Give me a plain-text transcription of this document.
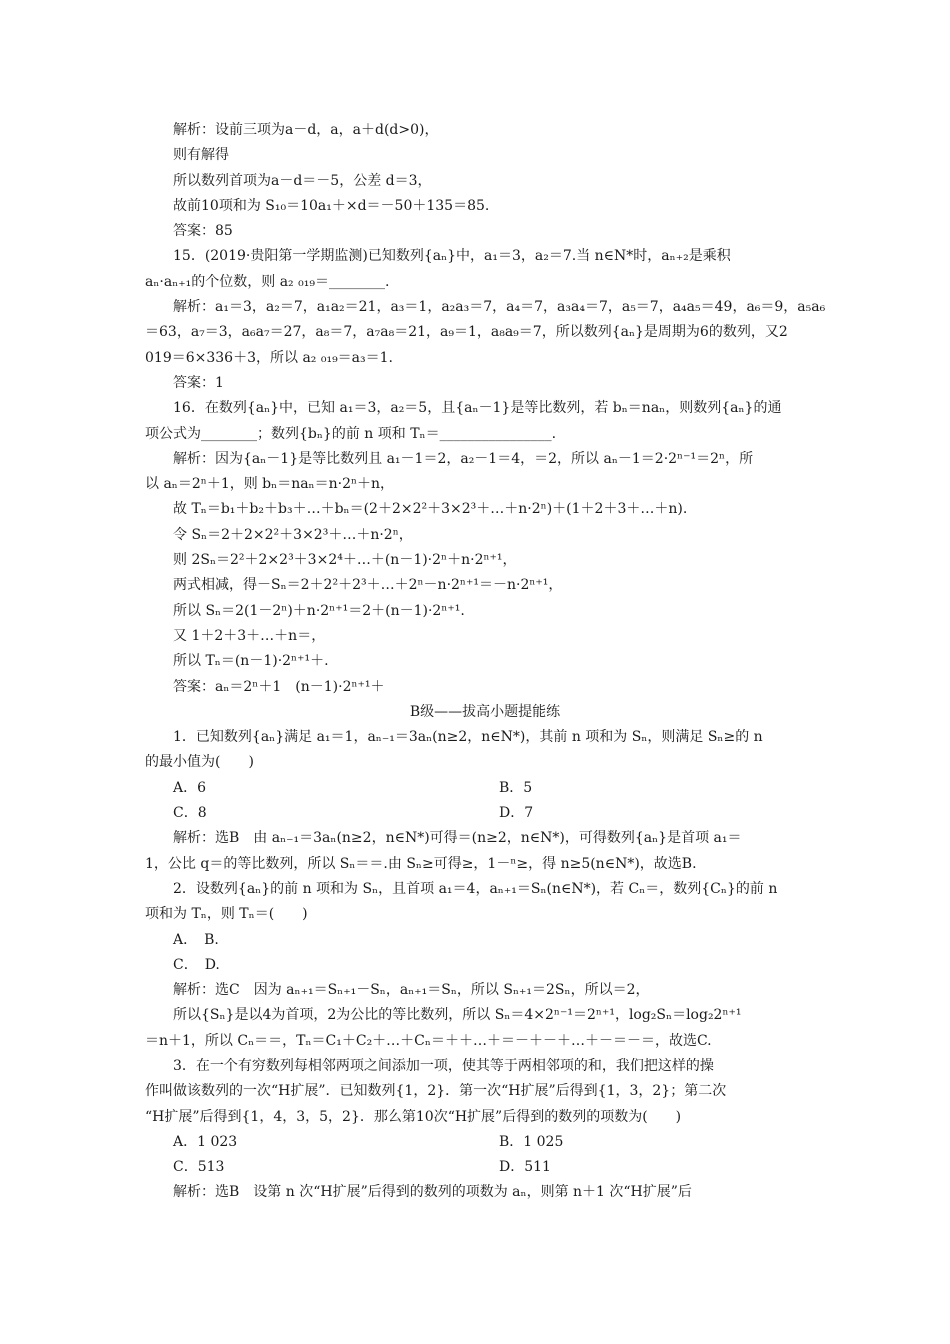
解析：设前三项为a－d，a，a＋d(d>0)，
则有解得
所以数列首项为a－d＝－5，公差 d＝3，
故前10项和为 S₁₀＝10a₁＋×d＝－50＋135＝85.
答案：85
15．(2019·贵阳第一学期监测)已知数列{aₙ}中，a₁＝3，a₂＝7.当 n∈N*时，aₙ₊₂是乘积
aₙ·aₙ₊₁的个位数，则 a₂ ₀₁₉＝________.
解析：a₁＝3，a₂＝7，a₁a₂＝21，a₃＝1，a₂a₃＝7，a₄＝7，a₃a₄＝7，a₅＝7，a₄a₅＝49，a₆＝9，a₅a₆
＝63，a₇＝3，a₆a₇＝27，a₈＝7，a₇a₈＝21，a₉＝1，a₈a₉＝7，所以数列{aₙ}是周期为6的数列，又2
019＝6×336＋3，所以 a₂ ₀₁₉＝a₃＝1.
答案：1
16．在数列{aₙ}中，已知 a₁＝3，a₂＝5，且{aₙ－1}是等比数列，若 bₙ＝naₙ，则数列{aₙ}的通
项公式为________；数列{bₙ}的前 n 项和 Tₙ＝________________.
解析：因为{aₙ－1}是等比数列且 a₁－1＝2，a₂－1＝4，＝2，所以 aₙ－1＝2·2ⁿ⁻¹＝2ⁿ，所
以 aₙ＝2ⁿ＋1，则 bₙ＝naₙ＝n·2ⁿ＋n，
故 Tₙ＝b₁＋b₂＋b₃＋…＋bₙ＝(2＋2×2²＋3×2³＋…＋n·2ⁿ)＋(1＋2＋3＋…＋n).
令 Sₙ＝2＋2×2²＋3×2³＋…＋n·2ⁿ，
则 2Sₙ＝2²＋2×2³＋3×2⁴＋…＋(n－1)·2ⁿ＋n·2ⁿ⁺¹，
两式相减，得－Sₙ＝2＋2²＋2³＋…＋2ⁿ－n·2ⁿ⁺¹＝－n·2ⁿ⁺¹，
所以 Sₙ＝2(1－2ⁿ)＋n·2ⁿ⁺¹＝2＋(n－1)·2ⁿ⁺¹.
又 1＋2＋3＋…＋n＝，
所以 Tₙ＝(n－1)·2ⁿ⁺¹＋.
答案：aₙ＝2ⁿ＋1　(n－1)·2ⁿ⁺¹＋
B级——拔高小题提能练
1．已知数列{aₙ}满足 a₁＝1，aₙ₋₁＝3aₙ(n≥2，n∈N*)，其前 n 项和为 Sₙ，则满足 Sₙ≥的 n
的最小值为(　　)
A．6	B．5
C．8	D．7
解析：选B　由 aₙ₋₁＝3aₙ(n≥2，n∈N*)可得＝(n≥2，n∈N*)，可得数列{aₙ}是首项 a₁＝
1，公比 q＝的等比数列，所以 Sₙ＝＝.由 Sₙ≥可得≥，1－ⁿ≥，得 n≥5(n∈N*)，故选B.
2．设数列{aₙ}的前 n 项和为 Sₙ，且首项 a₁＝4，aₙ₊₁＝Sₙ(n∈N*)，若 Cₙ＝，数列{Cₙ}的前 n
项和为 Tₙ，则 Tₙ＝(　　)
A．　B.
C．　D.
解析：选C　因为 aₙ₊₁＝Sₙ₊₁－Sₙ，aₙ₊₁＝Sₙ，所以 Sₙ₊₁＝2Sₙ，所以＝2，
所以{Sₙ}是以4为首项，2为公比的等比数列，所以 Sₙ＝4×2ⁿ⁻¹＝2ⁿ⁺¹，log₂Sₙ＝log₂2ⁿ⁺¹
＝n＋1，所以 Cₙ＝＝，Tₙ＝C₁＋C₂＋…＋Cₙ＝＋＋…＋＝－＋－＋…＋－＝－＝，故选C.
3．在一个有穷数列每相邻两项之间添加一项，使其等于两相邻项的和，我们把这样的操
作叫做该数列的一次“H扩展”．已知数列{1，2}．第一次“H扩展”后得到{1，3，2}；第二次
“H扩展”后得到{1，4，3，5，2}．那么第10次“H扩展”后得到的数列的项数为(　　)
A．1 023	B．1 025
C．513	D．511
解析：选B　设第 n 次“H扩展”后得到的数列的项数为 aₙ，则第 n＋1 次“H扩展”后
